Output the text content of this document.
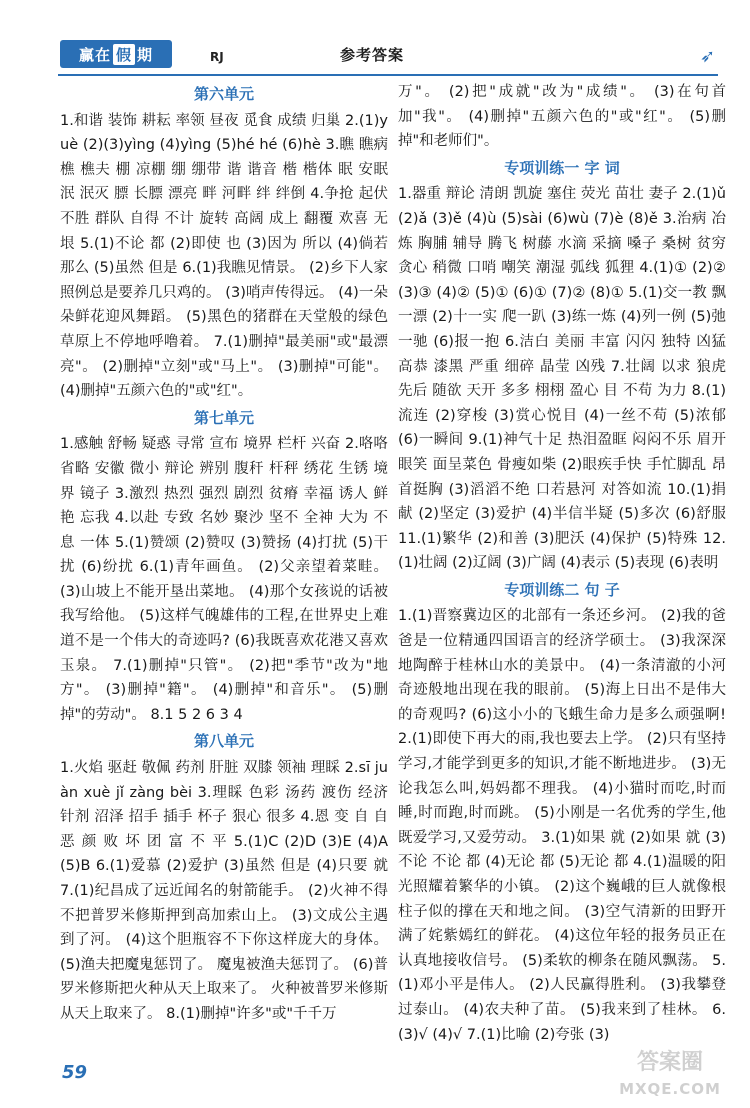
赢在 假 期	RJ	参考答案	➶
第六单元

1.和谐 装饰 耕耘 率领 昼夜 觅食 成绩 归巢 2.(1)yuè (2)(3)yìng (4)yìng (5)hé hé (6)hè 3.瞧 瞧病 樵 樵夫 棚 凉棚 绷 绷带 谐 谐音 楷 楷体 眠 安眠 泯 泯灭 膘 长膘 漂亮 畔 河畔 绊 绊倒 4.争抢 起伏 不胜 群队 自得 不计 旋转 高阔 成上 翻覆 欢喜 无垠 5.(1)不论 都 (2)即使 也 (3)因为 所以 (4)倘若 那么 (5)虽然 但是 6.(1)我瞧见情景。 (2)乡下人家照例总是要养几只鸡的。 (3)哨声传得远。 (4)一朵朵鲜花迎风舞蹈。 (5)黑色的猪群在天堂般的绿色草原上不停地呼噜着。 7.(1)删掉"最美丽"或"最漂亮"。 (2)删掉"立刻"或"马上"。 (3)删掉"可能"。 (4)删掉"五颜六色的"或"红"。

第七单元

1.感触 舒畅 疑惑 寻常 宣布 境界 栏杆 兴奋 2.咯咯 省略 安徽 微小 辩论 辨别 腹秆 杆秤 绣花 生锈 境界 镜子 3.激烈 热烈 强烈 剧烈 贫瘠 幸福 诱人 鲜艳 忘我 4.以赴 专致 名妙 聚沙 坚不 全神 大为 不息 一体 5.(1)赞颂 (2)赞叹 (3)赞扬 (4)打扰 (5)干扰 (6)纷扰 6.(1)青年画鱼。 (2)父亲望着菜畦。 (3)山坡上不能开垦出菜地。 (4)那个女孩说的话被我写给他。 (5)这样气魄雄伟的工程,在世界史上难道不是一个伟大的奇迹吗? (6)我既喜欢花港又喜欢玉泉。 7.(1)删掉"只管"。 (2)把"季节"改为"地方"。 (3)删掉"籍"。 (4)删掉"和音乐"。 (5)删掉"的劳动"。 8.1 5 2 6 3 4

第八单元

1.火焰 驱赶 敬佩 药剂 肝脏 双膝 领袖 理睬 2.sī juàn xuè jǐ zàng bèi 3.理睬 色彩 汤药 渡伤 经济 针剂 沼泽 招手 插手 杯子 狠心 很多 4.恩 变 自 自 恶 颜 败 坏 团 富 不 平 5.(1)C (2)D (3)E (4)A (5)B 6.(1)爱慕 (2)爱护 (3)虽然 但是 (4)只要 就 7.(1)纪昌成了远近闻名的射箭能手。 (2)火神不得不把普罗米修斯押到高加索山上。 (3)文成公主遇到了河。 (4)这个胆瓶容不下你这样庞大的身体。 (5)渔夫把魔鬼惩罚了。 魔鬼被渔夫惩罚了。 (6)普罗米修斯把火种从天上取来了。 火种被普罗米修斯从天上取来了。 8.(1)删掉"许多"或"千千万

万"。 (2)把"成就"改为"成绩"。 (3)在句首加"我"。 (4)删掉"五颜六色的"或"红"。 (5)删掉"和老师们"。

专项训练一 字 词

1.器重 辩论 清朗 凯旋 塞住 荧光 苗壮 妻子 2.(1)ǔ (2)ǎ (3)ě (4)ù (5)sài (6)wù (7)è (8)ě 3.治病 冶炼 胸脯 辅导 腾飞 树藤 水滴 采摘 嗓子 桑树 贫穷 贪心 稍微 口哨 嘲笑 潮湿 弧线 狐狸 4.(1)① (2)② (3)③ (4)② (5)① (6)① (7)② (8)① 5.(1)交一教 飘一漂 (2)十一实 爬一趴 (3)练一炼 (4)列一例 (5)弛一驰 (6)报一抱 6.洁白 美丽 丰富 闪闪 独特 凶猛 高恭 漆黑 严重 细碎 晶莹 凶残 7.壮阔 以求 狼虎 先后 随欲 天开 多多 栩栩 盈心 目 不苟 为力 8.(1)流连 (2)穿梭 (3)赏心悦目 (4)一丝不苟 (5)浓郁 (6)一瞬间 9.(1)神气十足 热泪盈眶 闷闷不乐 眉开眼笑 面呈菜色 骨瘦如柴 (2)眼疾手快 手忙脚乱 昂首挺胸 (3)滔滔不绝 口若悬河 对答如流 10.(1)捐献 (2)坚定 (3)爱护 (4)半信半疑 (5)多次 (6)舒服 11.(1)繁华 (2)和善 (3)肥沃 (4)保护 (5)特殊 12.(1)壮阔 (2)辽阔 (3)广阔 (4)表示 (5)表现 (6)表明

专项训练二 句 子

1.(1)晋察冀边区的北部有一条还乡河。 (2)我的爸爸是一位精通四国语言的经济学硕士。 (3)我深深地陶醉于桂林山水的美景中。 (4)一条清澈的小河奇迹般地出现在我的眼前。 (5)海上日出不是伟大的奇观吗? (6)这小小的飞蛾生命力是多么顽强啊! 2.(1)即使下再大的雨,我也要去上学。 (2)只有坚持学习,才能学到更多的知识,才能不断地进步。 (3)无论我怎么叫,妈妈都不理我。 (4)小猫时而吃,时而睡,时而跑,时而跳。 (5)小刚是一名优秀的学生,他既爱学习,又爱劳动。 3.(1)如果 就 (2)如果 就 (3)不论 不论 都 (4)无论 都 (5)无论 都 4.(1)温暖的阳光照耀着繁华的小镇。 (2)这个巍峨的巨人就像根柱子似的撑在天和地之间。 (3)空气清新的田野开满了姹紫嫣红的鲜花。 (4)这位年轻的报务员正在认真地接收信号。 (5)柔软的柳条在随风飘荡。 5.(1)邓小平是伟人。 (2)人民赢得胜利。 (3)我攀登过泰山。 (4)农夫种了苗。 (5)我来到了桂林。 6.(3)√ (4)√ 7.(1)比喻 (2)夸张 (3)

59	答案圈
MXQE.COM
